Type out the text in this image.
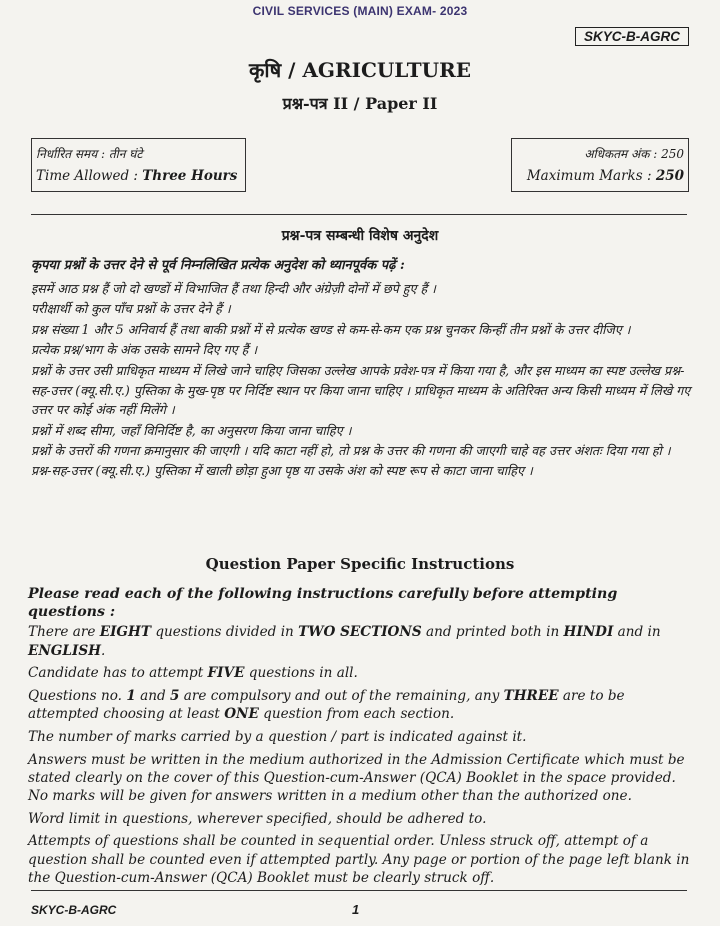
CIVIL SERVICES (MAIN) EXAM- 2023
SKYC-B-AGRC
कृषि / AGRICULTURE
प्रश्न-पत्र II / Paper II
निर्धारित समय : तीन घंटे
Time Allowed : Three Hours
अधिकतम अंक : 250
Maximum Marks : 250
प्रश्न-पत्र सम्बन्धी विशेष अनुदेश

कृपया प्रश्नों के उत्तर देने से पूर्व निम्नलिखित प्रत्येक अनुदेश को ध्यानपूर्वक पढ़ें :

इसमें आठ प्रश्न हैं जो दो खण्डों में विभाजित हैं तथा हिन्दी और अंग्रेज़ी दोनों में छपे हुए हैं ।

परीक्षार्थी को कुल पाँच प्रश्नों के उत्तर देने हैं ।

प्रश्न संख्या 1 और 5 अनिवार्य हैं तथा बाकी प्रश्नों में से प्रत्येक खण्ड से कम-से-कम एक प्रश्न चुनकर किन्हीं तीन प्रश्नों के उत्तर दीजिए ।

प्रत्येक प्रश्न/भाग के अंक उसके सामने दिए गए हैं ।

प्रश्नों के उत्तर उसी प्राधिकृत माध्यम में लिखे जाने चाहिए जिसका उल्लेख आपके प्रवेश-पत्र में किया गया है, और इस माध्यम का स्पष्ट उल्लेख प्रश्न-सह-उत्तर (क्यू.सी.ए.) पुस्तिका के मुख-पृष्ठ पर निर्दिष्ट स्थान पर किया जाना चाहिए । प्राधिकृत माध्यम के अतिरिक्त अन्य किसी माध्यम में लिखे गए उत्तर पर कोई अंक नहीं मिलेंगे ।

प्रश्नों में शब्द सीमा, जहाँ विनिर्दिष्ट है, का अनुसरण किया जाना चाहिए ।

प्रश्नों के उत्तरों की गणना क्रमानुसार की जाएगी । यदि काटा नहीं हो, तो प्रश्न के उत्तर की गणना की जाएगी चाहे वह उत्तर अंशतः दिया गया हो । प्रश्न-सह-उत्तर (क्यू.सी.ए.) पुस्तिका में खाली छोड़ा हुआ पृष्ठ या उसके अंश को स्पष्ट रूप से काटा जाना चाहिए ।

Question Paper Specific Instructions

Please read each of the following instructions carefully before attempting questions :

There are EIGHT questions divided in TWO SECTIONS and printed both in HINDI and in ENGLISH.

Candidate has to attempt FIVE questions in all.

Questions no. 1 and 5 are compulsory and out of the remaining, any THREE are to be attempted choosing at least ONE question from each section.

The number of marks carried by a question / part is indicated against it.

Answers must be written in the medium authorized in the Admission Certificate which must be stated clearly on the cover of this Question-cum-Answer (QCA) Booklet in the space provided. No marks will be given for answers written in a medium other than the authorized one.

Word limit in questions, wherever specified, should be adhered to.

Attempts of questions shall be counted in sequential order. Unless struck off, attempt of a question shall be counted even if attempted partly. Any page or portion of the page left blank in the Question-cum-Answer (QCA) Booklet must be clearly struck off.

SKYC-B-AGRC	1
